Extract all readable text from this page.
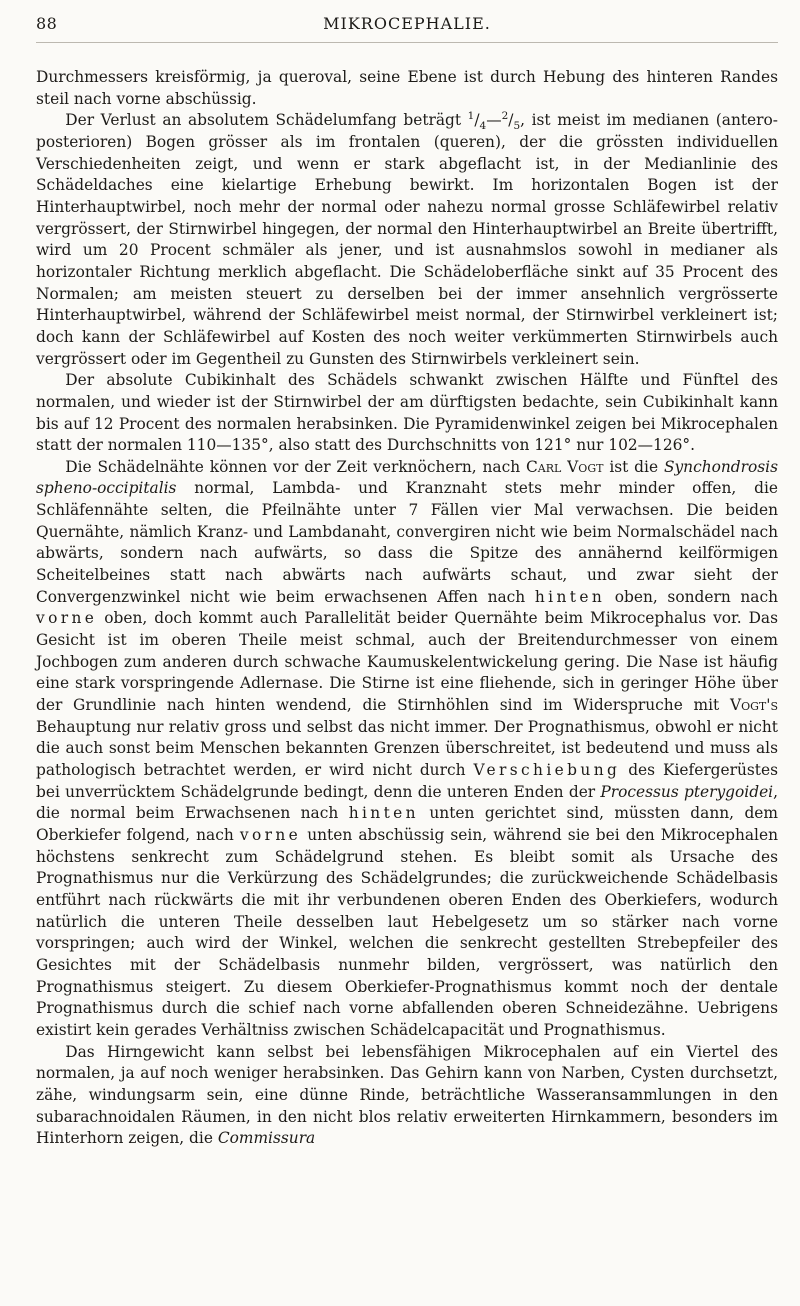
88	MIKROCEPHALIE.

Durchmessers kreisförmig, ja queroval, seine Ebene ist durch Hebung des hinteren Randes steil nach vorne abschüssig.

Der Verlust an absolutem Schädelumfang beträgt $^1/_4—^2/_5$, ist meist im medianen (antero-posterioren) Bogen grösser als im frontalen (queren), der die grössten individuellen Verschiedenheiten zeigt, und wenn er stark abgeflacht ist, in der Medianlinie des Schädeldaches eine kielartige Erhebung bewirkt. Im horizontalen Bogen ist der Hinterhauptwirbel, noch mehr der normal oder nahezu normal grosse Schläfewirbel relativ vergrössert, der Stirnwirbel hingegen, der normal den Hinterhauptwirbel an Breite übertrifft, wird um 20 Procent schmäler als jener, und ist ausnahmslos sowohl in medianer als horizontaler Richtung merklich abgeflacht. Die Schädeloberfläche sinkt auf 35 Procent des Normalen; am meisten steuert zu derselben bei der immer ansehnlich vergrösserte Hinterhauptwirbel, während der Schläfewirbel meist normal, der Stirnwirbel verkleinert ist; doch kann der Schläfewirbel auf Kosten des noch weiter verkümmerten Stirnwirbels auch vergrössert oder im Gegentheil zu Gunsten des Stirnwirbels verkleinert sein.

Der absolute Cubikinhalt des Schädels schwankt zwischen Hälfte und Fünftel des normalen, und wieder ist der Stirnwirbel der am dürftigsten bedachte, sein Cubikinhalt kann bis auf 12 Procent des normalen herabsinken. Die Pyramidenwinkel zeigen bei Mikrocephalen statt der normalen 110—135°, also statt des Durchschnitts von 121° nur 102—126°.

Die Schädelnähte können vor der Zeit verknöchern, nach Carl Vogt ist die Synchondrosis spheno-occipitalis normal, Lambda- und Kranznaht stets mehr minder offen, die Schläfennähte selten, die Pfeilnähte unter 7 Fällen vier Mal verwachsen. Die beiden Quernähte, nämlich Kranz- und Lambdanaht, convergiren nicht wie beim Normalschädel nach abwärts, sondern nach aufwärts, so dass die Spitze des annähernd keilförmigen Scheitelbeines statt nach abwärts nach aufwärts schaut, und zwar sieht der Convergenzwinkel nicht wie beim erwachsenen Affen nach hinten oben, sondern nach vorne oben, doch kommt auch Parallelität beider Quernähte beim Mikrocephalus vor. Das Gesicht ist im oberen Theile meist schmal, auch der Breitendurchmesser von einem Jochbogen zum anderen durch schwache Kaumuskelentwickelung gering. Die Nase ist häufig eine stark vorspringende Adlernase. Die Stirne ist eine fliehende, sich in geringer Höhe über der Grundlinie nach hinten wendend, die Stirnhöhlen sind im Widerspruche mit Vogt's Behauptung nur relativ gross und selbst das nicht immer. Der Prognathismus, obwohl er nicht die auch sonst beim Menschen bekannten Grenzen überschreitet, ist bedeutend und muss als pathologisch betrachtet werden, er wird nicht durch Verschiebung des Kiefergerüstes bei unverrücktem Schädelgrunde bedingt, denn die unteren Enden der Processus pterygoidei, die normal beim Erwachsenen nach hinten unten gerichtet sind, müssten dann, dem Oberkiefer folgend, nach vorne unten abschüssig sein, während sie bei den Mikrocephalen höchstens senkrecht zum Schädelgrund stehen. Es bleibt somit als Ursache des Prognathismus nur die Verkürzung des Schädelgrundes; die zurückweichende Schädelbasis entführt nach rückwärts die mit ihr verbundenen oberen Enden des Oberkiefers, wodurch natürlich die unteren Theile desselben laut Hebelgesetz um so stärker nach vorne vorspringen; auch wird der Winkel, welchen die senkrecht gestellten Strebepfeiler des Gesichtes mit der Schädelbasis nunmehr bilden, vergrössert, was natürlich den Prognathismus steigert. Zu diesem Oberkiefer-Prognathismus kommt noch der dentale Prognathismus durch die schief nach vorne abfallenden oberen Schneidezähne. Uebrigens existirt kein gerades Verhältniss zwischen Schädelcapacität und Prognathismus.

Das Hirngewicht kann selbst bei lebensfähigen Mikrocephalen auf ein Viertel des normalen, ja auf noch weniger herabsinken. Das Gehirn kann von Narben, Cysten durchsetzt, zähe, windungsarm sein, eine dünne Rinde, beträchtliche Wasseransammlungen in den subarachnoidalen Räumen, in den nicht blos relativ erweiterten Hirnkammern, besonders im Hinterhorn zeigen, die Commissura
